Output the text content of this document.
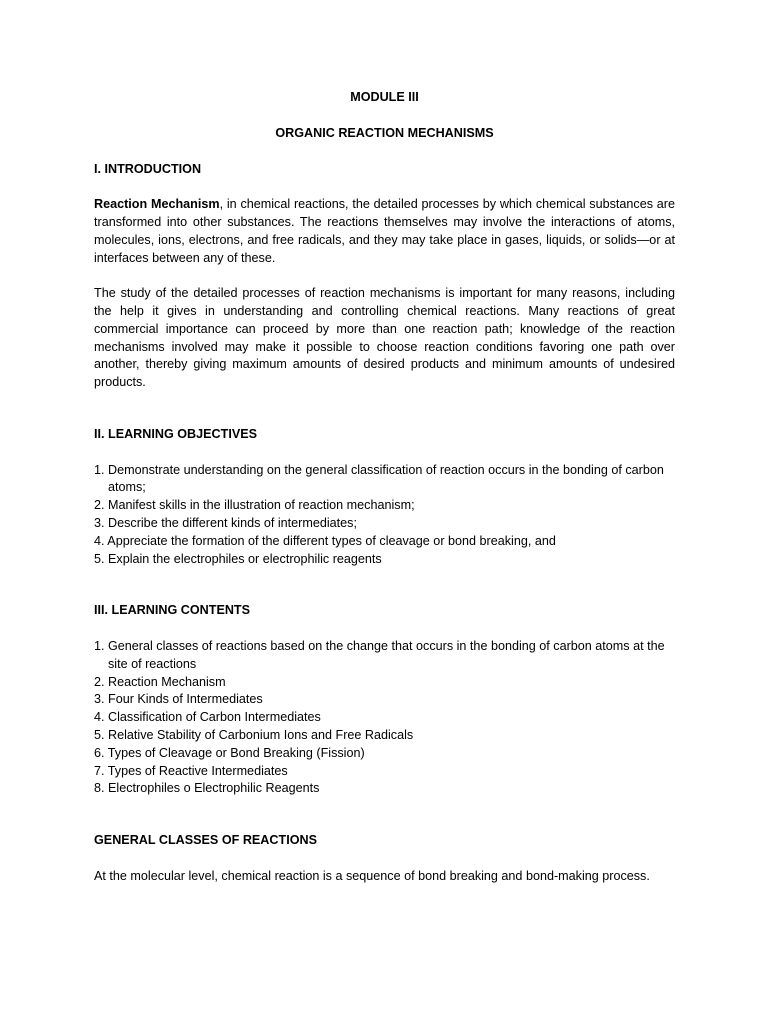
MODULE III

ORGANIC REACTION MECHANISMS

I. INTRODUCTION

Reaction Mechanism, in chemical reactions, the detailed processes by which chemical substances are transformed into other substances. The reactions themselves may involve the interactions of atoms, molecules, ions, electrons, and free radicals, and they may take place in gases, liquids, or solids—or at interfaces between any of these.

The study of the detailed processes of reaction mechanisms is important for many reasons, including the help it gives in understanding and controlling chemical reactions. Many reactions of great commercial importance can proceed by more than one reaction path; knowledge of the reaction mechanisms involved may make it possible to choose reaction conditions favoring one path over another, thereby giving maximum amounts of desired products and minimum amounts of undesired products.

II. LEARNING OBJECTIVES
1. Demonstrate understanding on the general classification of reaction occurs in the bonding of carbon atoms;
2. Manifest skills in the illustration of reaction mechanism;
3. Describe the different kinds of intermediates;
4. Appreciate the formation of the different types of cleavage or bond breaking, and
5. Explain the electrophiles or electrophilic reagents
III. LEARNING CONTENTS
1. General classes of reactions based on the change that occurs in the bonding of carbon atoms at the site of reactions
2. Reaction Mechanism
3. Four Kinds of Intermediates
4. Classification of Carbon Intermediates
5. Relative Stability of Carbonium Ions and Free Radicals
6. Types of Cleavage or Bond Breaking (Fission)
7. Types of Reactive Intermediates
8. Electrophiles o Electrophilic Reagents
GENERAL CLASSES OF REACTIONS

At the molecular level, chemical reaction is a sequence of bond breaking and bond-making process.
